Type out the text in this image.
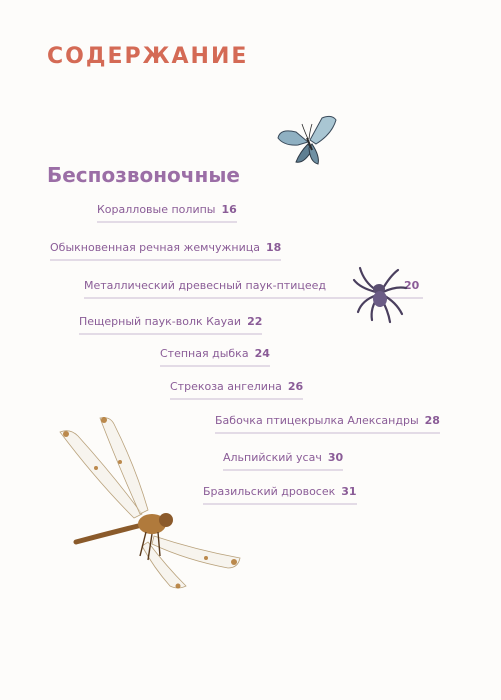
СОДЕРЖАНИЕ
Беспозвоночные
Коралловые полипы 16
Обыкновенная речная жемчужница 18
Металлический древесный паук-птицеед	20
Пещерный паук-волк Кауаи 22
Степная дыбка 24
Стрекоза ангелина 26
Бабочка птицекрылка Александры 28
Альпийский усач 30
Бразильский дровосек 31
